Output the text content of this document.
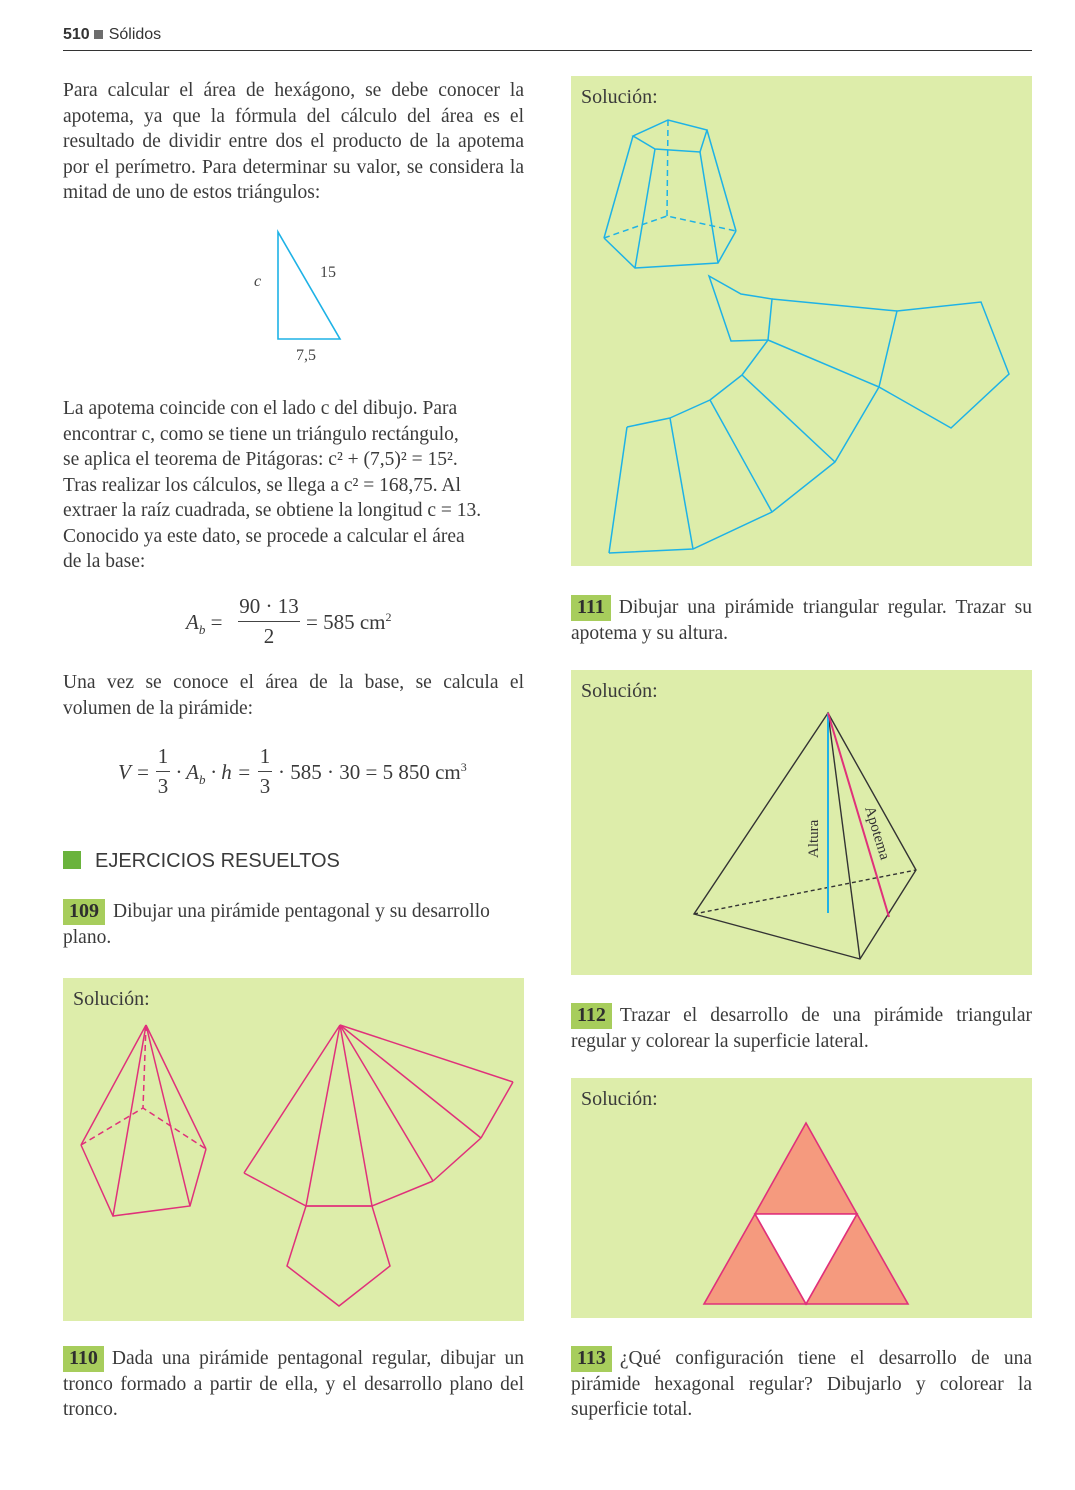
510 Sólidos
Para calcular el área de hexágono, se debe conocer la apotema, ya que la fórmula del cálculo del área es el resultado de dividir entre dos el producto de la apotema por el perímetro. Para determinar su valor, se considera la mitad de uno de estos triángulos:
c
15
7,5
La apotema coincide con el lado c del dibujo. Para
encontrar c, como se tiene un triángulo rectángulo,
se aplica el teorema de Pitágoras: c² + (7,5)² = 15².
Tras realizar los cálculos, se llega a c² = 168,75. Al
extraer la raíz cuadrada, se obtiene la longitud c = 13.
Conocido ya este dato, se procede a calcular el área
de la base:
$A_b$ =
90 · 13
2
= 585 $cm^2$
Una vez se conoce el área de la base, se calcula el volumen de la pirámide:
V =
1
3
· $A_b \cdot h$ =
1
3
· 585 · 30 = 5 850 $cm^3$
EJERCICIOS RESUELTOS
109 Dibujar una pirámide pentagonal y su desarrollo plano.
Solución:
110 Dada una pirámide pentagonal regular, dibujar un tronco formado a partir de ella, y el desarrollo plano del tronco.
Solución:
111 Dibujar una pirámide triangular regular. Trazar su apotema y su altura.
Solución:
Altura	Apotema
112 Trazar el desarrollo de una pirámide triangular regular y colorear la superficie lateral.
Solución:
113 ¿Qué configuración tiene el desarrollo de una pirámide hexagonal regular? Dibujarlo y colorear la superficie total.
